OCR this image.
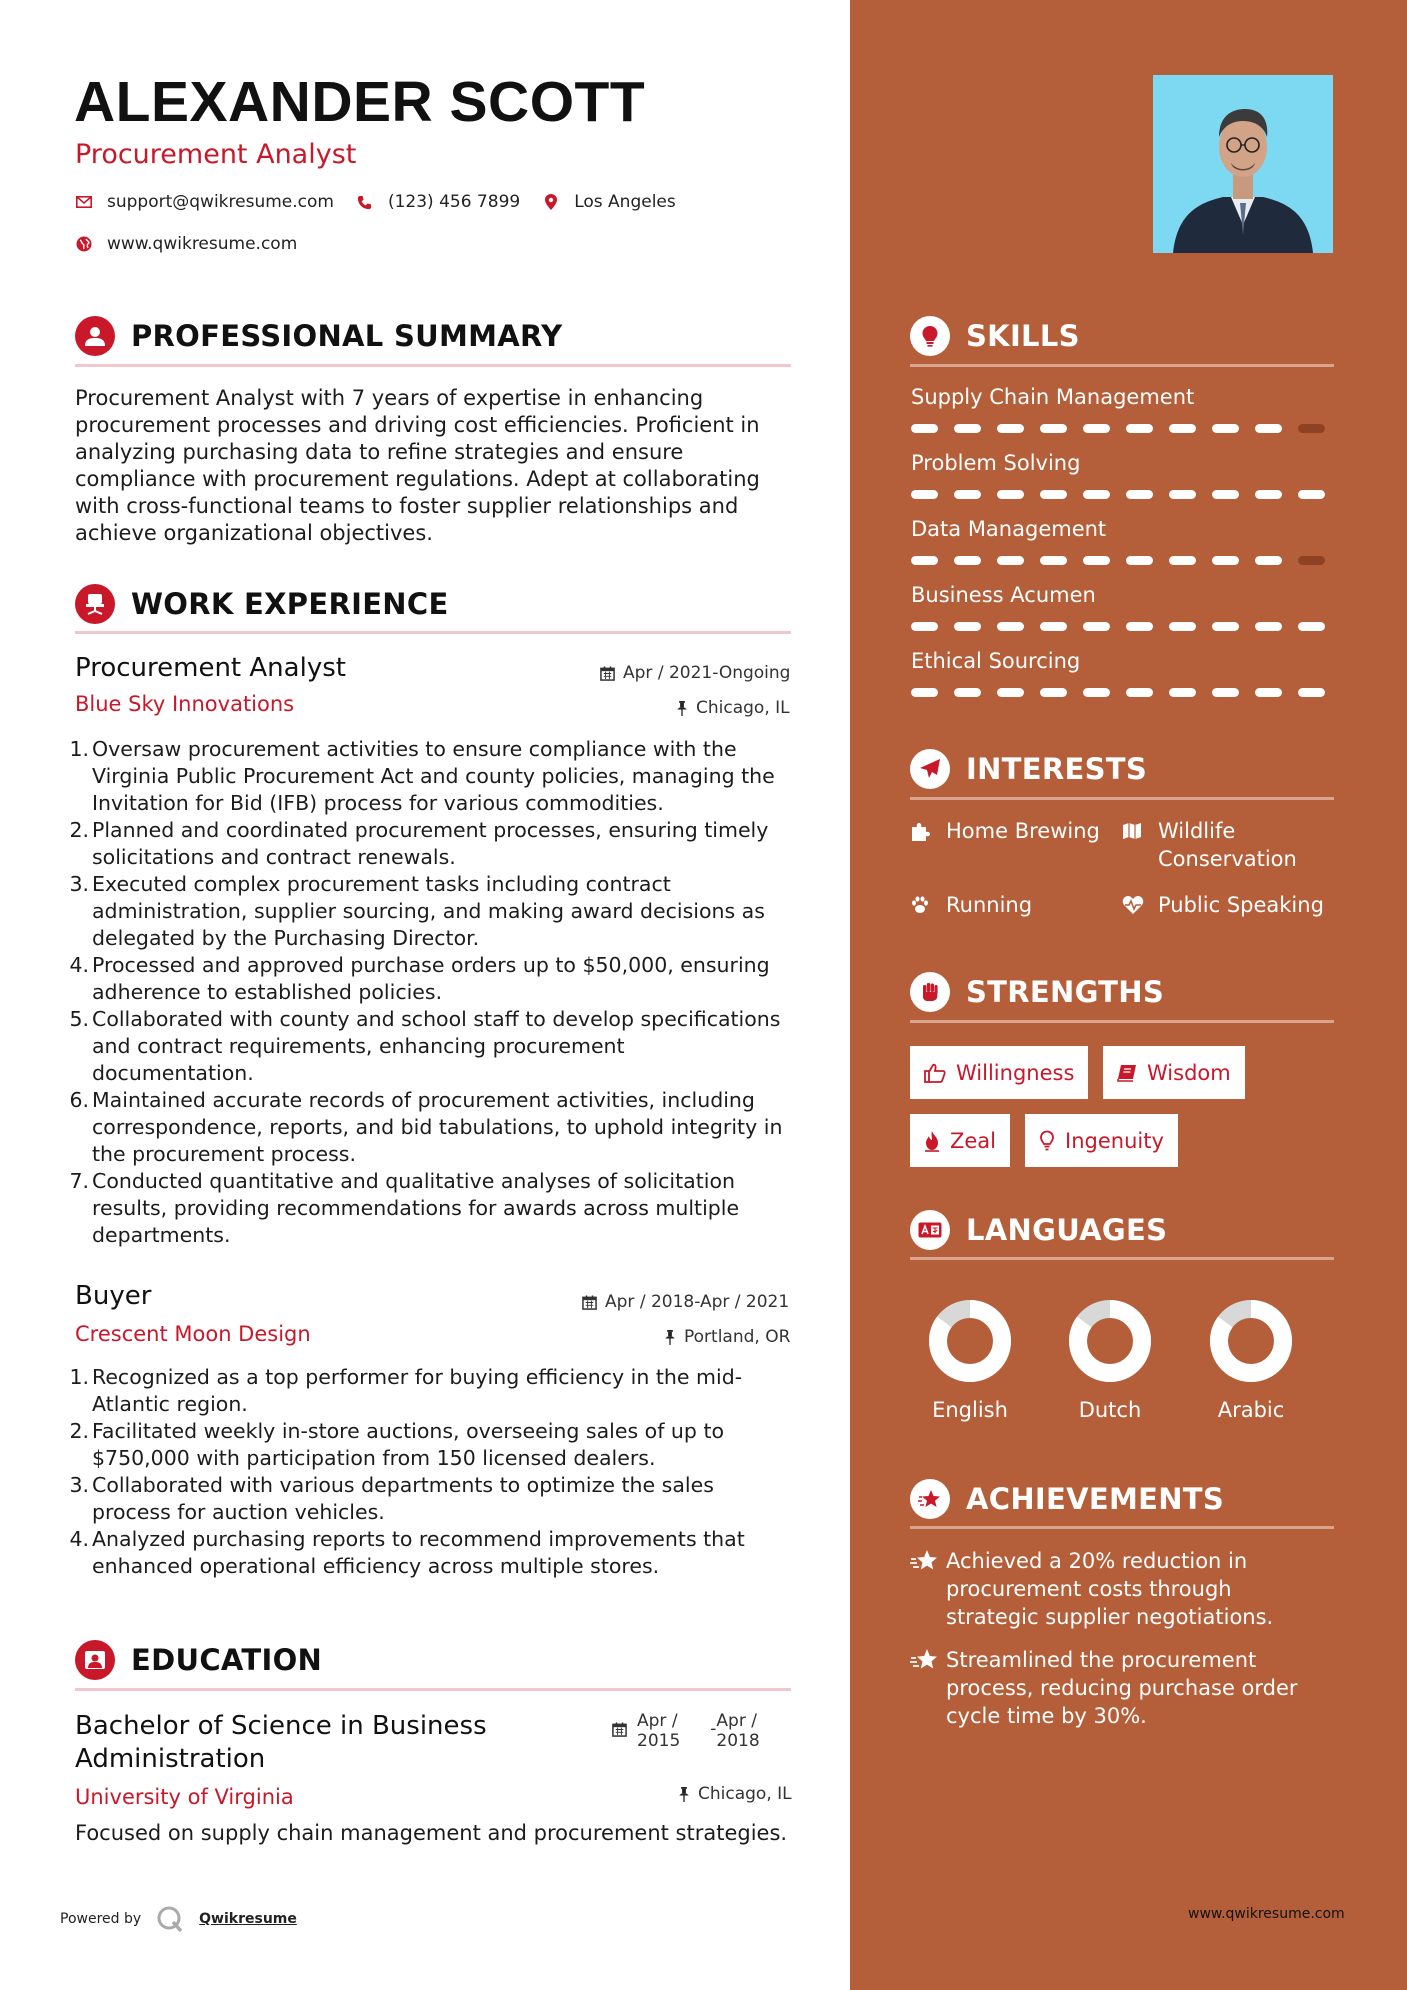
ALEXANDER SCOTT
Procurement Analyst
support@qwikresume.com	(123) 456 7899	Los Angeles
www.qwikresume.com
PROFESSIONAL SUMMARY
Procurement Analyst with 7 years of expertise in enhancing
procurement processes and driving cost efficiencies. Proficient in
analyzing purchasing data to refine strategies and ensure
compliance with procurement regulations. Adept at collaborating
with cross-functional teams to foster supplier relationships and
achieve organizational objectives.
WORK EXPERIENCE
Procurement Analyst
Blue Sky Innovations
Apr / 2021-Ongoing
Chicago, IL
1. Oversaw procurement activities to ensure compliance with the
Virginia Public Procurement Act and county policies, managing the
Invitation for Bid (IFB) process for various commodities.
2. Planned and coordinated procurement processes, ensuring timely
solicitations and contract renewals.
3. Executed complex procurement tasks including contract
administration, supplier sourcing, and making award decisions as
delegated by the Purchasing Director.
4. Processed and approved purchase orders up to $50,000, ensuring
adherence to established policies.
5. Collaborated with county and school staff to develop specifications
and contract requirements, enhancing procurement
documentation.
6. Maintained accurate records of procurement activities, including
correspondence, reports, and bid tabulations, to uphold integrity in
the procurement process.
7. Conducted quantitative and qualitative analyses of solicitation
results, providing recommendations for awards across multiple
departments.
Buyer
Crescent Moon Design
Apr / 2018-Apr / 2021
Portland, OR
1. Recognized as a top performer for buying efficiency in the mid-
Atlantic region.
2. Facilitated weekly in-store auctions, overseeing sales of up to
$750,000 with participation from 150 licensed dealers.
3. Collaborated with various departments to optimize the sales
process for auction vehicles.
4. Analyzed purchasing reports to recommend improvements that
enhanced operational efficiency across multiple stores.
EDUCATION
Bachelor of Science in Business
Administration
Apr /
2015
- Apr /
2018
University of Virginia	Chicago, IL
Focused on supply chain management and procurement strategies.
Powered by	Qwikresume	www.qwikresume.com
SKILLS
Supply Chain Management
Problem Solving
Data Management
Business Acumen
Ethical Sourcing
INTERESTS
Home Brewing	Wildlife
Conservation
Running	Public Speaking
STRENGTHS
Willingness	Wisdom
Zeal	Ingenuity
LANGUAGES
English	Dutch	Arabic
ACHIEVEMENTS
Achieved a 20% reduction in
procurement costs through
strategic supplier negotiations.
Streamlined the procurement
process, reducing purchase order
cycle time by 30%.
